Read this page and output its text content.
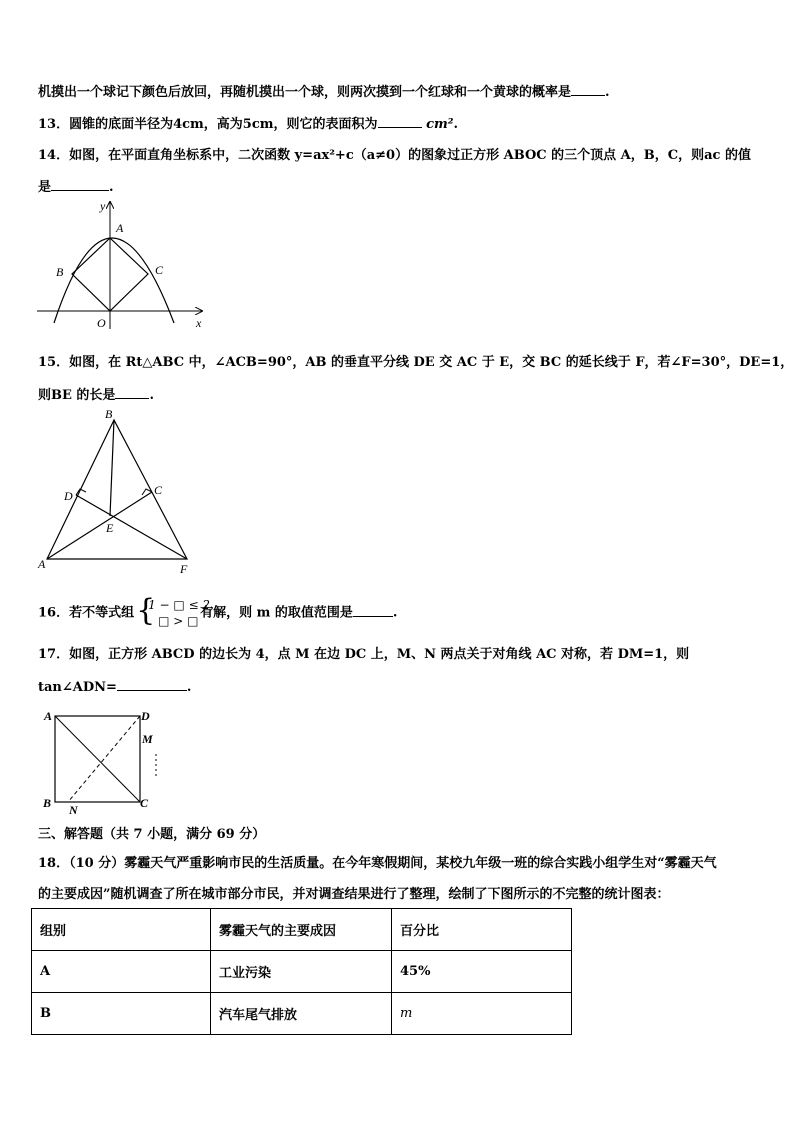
机摸出一个球记下颜色后放回，再随机摸出一个球，则两次摸到一个红球和一个黄球的概率是	.
13．圆锥的底面半径为4cm，高为5cm，则它的表面积为	cm².
14．如图，在平面直角坐标系中，二次函数 y=ax²+c（a≠0）的图象过正方形 ABOC 的三个顶点 A，B，C，则ac 的值
是	.
y
x
A
B	C
O
15．如图，在 Rt△ABC 中，∠ACB=90°，AB 的垂直平分线 DE 交 AC 于 E，交 BC 的延长线于 F，若∠F=30°，DE=1，
则BE 的长是	.
B
D	C
E
A	F
16．若不等式组 {
1 − □ ≤ 2,
□ > □
有解，则 m 的取值范围是	.
17．如图，正方形 ABCD 的边长为 4，点 M 在边 DC 上，M、N 两点关于对角线 AC 对称，若 DM=1，则
tan∠ADN=	.
A	D
M
B N	C
三、解答题（共 7 小题，满分 69 分）
18．（10 分）雾霾天气严重影响市民的生活质量。在今年寒假期间，某校九年级一班的综合实践小组学生对“雾霾天气
的主要成因”随机调查了所在城市部分市民，并对调查结果进行了整理，绘制了下图所示的不完整的统计图表：
组别	雾霾天气的主要成因	百分比
A	工业污染	45%
B	汽车尾气排放	m
